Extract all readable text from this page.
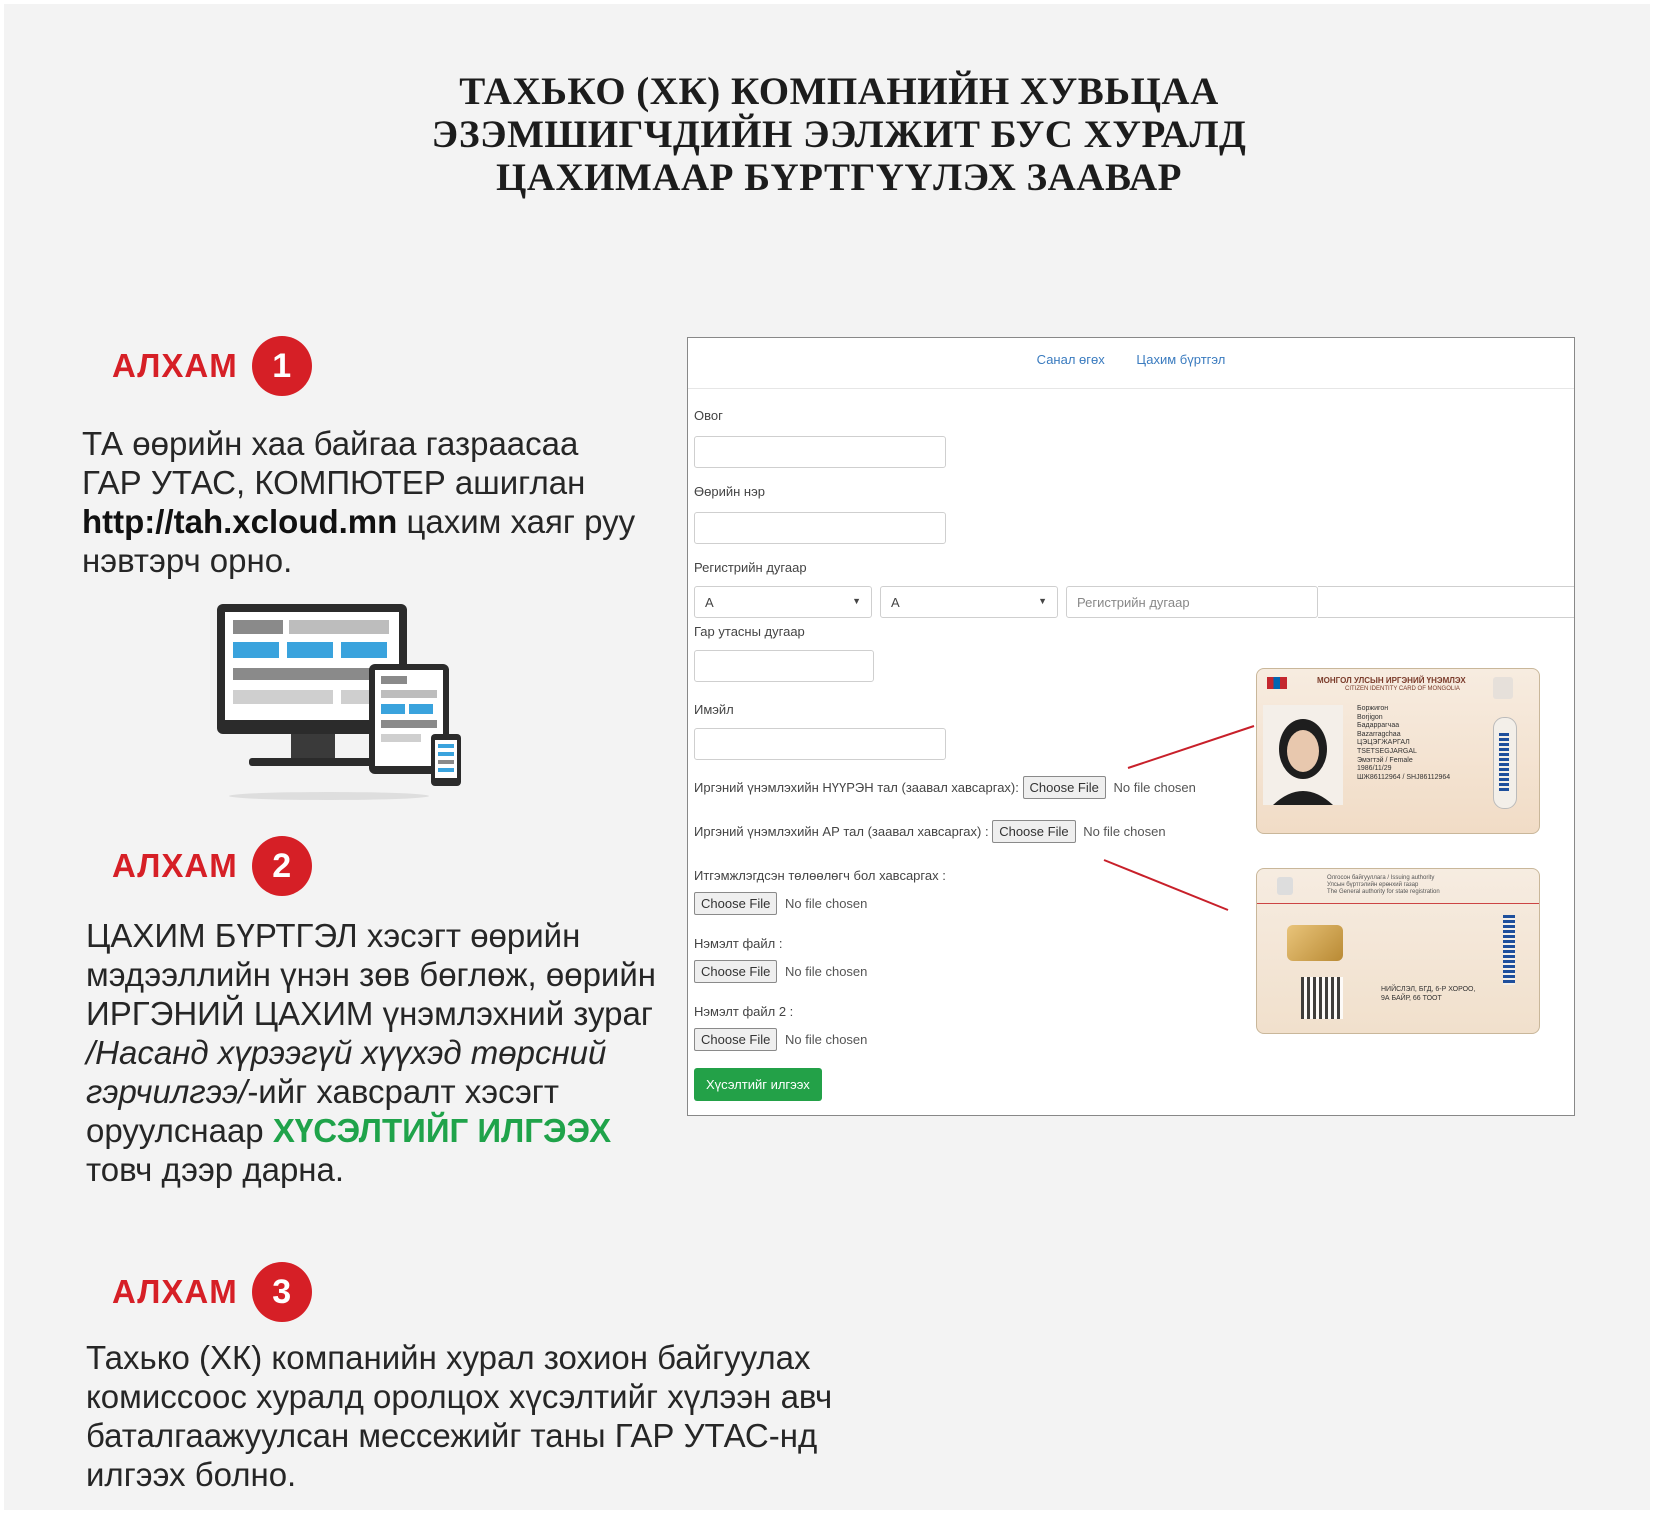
ТАХЬКО (ХК) КОМПАНИЙН ХУВЬЦАА
ЭЗЭМШИГЧДИЙН ЭЭЛЖИТ БУС ХУРАЛД
ЦАХИМААР БҮРТГҮҮЛЭХ ЗААВАР
АЛХАМ	1
ТА өөрийн хаа байгаа газраасаа ГАР УТАС, КОМПЮТЕР ашиглан http://tah.xcloud.mn цахим хаяг руу нэвтэрч орно.
АЛХАМ	2
ЦАХИМ БҮРТГЭЛ хэсэгт өөрийн мэдээллийн үнэн зөв бөглөж, өөрийн ИРГЭНИЙ ЦАХИМ үнэмлэхний зураг /Насанд хүрээгүй хүүхэд төрсний гэрчилгээ/-ийг хавсралт хэсэгт оруулснаар ХҮСЭЛТИЙГ ИЛГЭЭХ товч дээр дарна.
АЛХАМ	3
Тахько (ХК) компанийн хурал зохион байгуулах комиссоос хуралд оролцох хүсэлтийг хүлээн авч баталгаажуулсан мессежийг таны ГАР УТАС-нд илгээх болно.
Санал өгөх Цахим бүртгэл
Овог
Өөрийн нэр
Регистрийн дугаар
А	▼	А	▼	Регистрийн дугаар
Гар утасны дугаар
Имэйл
Иргэний үнэмлэхийн НҮҮРЭН тал (заавал хавсаргах): Choose File No file chosen
Иргэний үнэмлэхийн АР тал (заавал хавсаргах) : Choose File No file chosen
Итгэмжлэгдсэн төлөөлөгч бол хавсаргах :
Choose File No file chosen
Нэмэлт файл :
Choose File No file chosen
Нэмэлт файл 2 :
Choose File No file chosen
Хүсэлтийг илгээх
МОНГОЛ УЛСЫН ИРГЭНИЙ ҮНЭМЛЭХ
CITIZEN IDENTITY CARD OF MONGOLIA
Боржигон
Borjigon
Бадаррагчаа
Bazarragchaa
ЦЭЦЭГЖАРГАЛ
TSETSEGJARGAL
Эмэгтэй / Female
1986/11/29
ШЖ86112964 / SHJ86112964
Олгосон байгууллага / Issuing authority
Улсын бүртгэлийн ерөнхий газар
The General authority for state registration
НИЙСЛЭЛ, БГД, 6-Р ХОРОО,
9А БАЙР, 66 ТООТ
